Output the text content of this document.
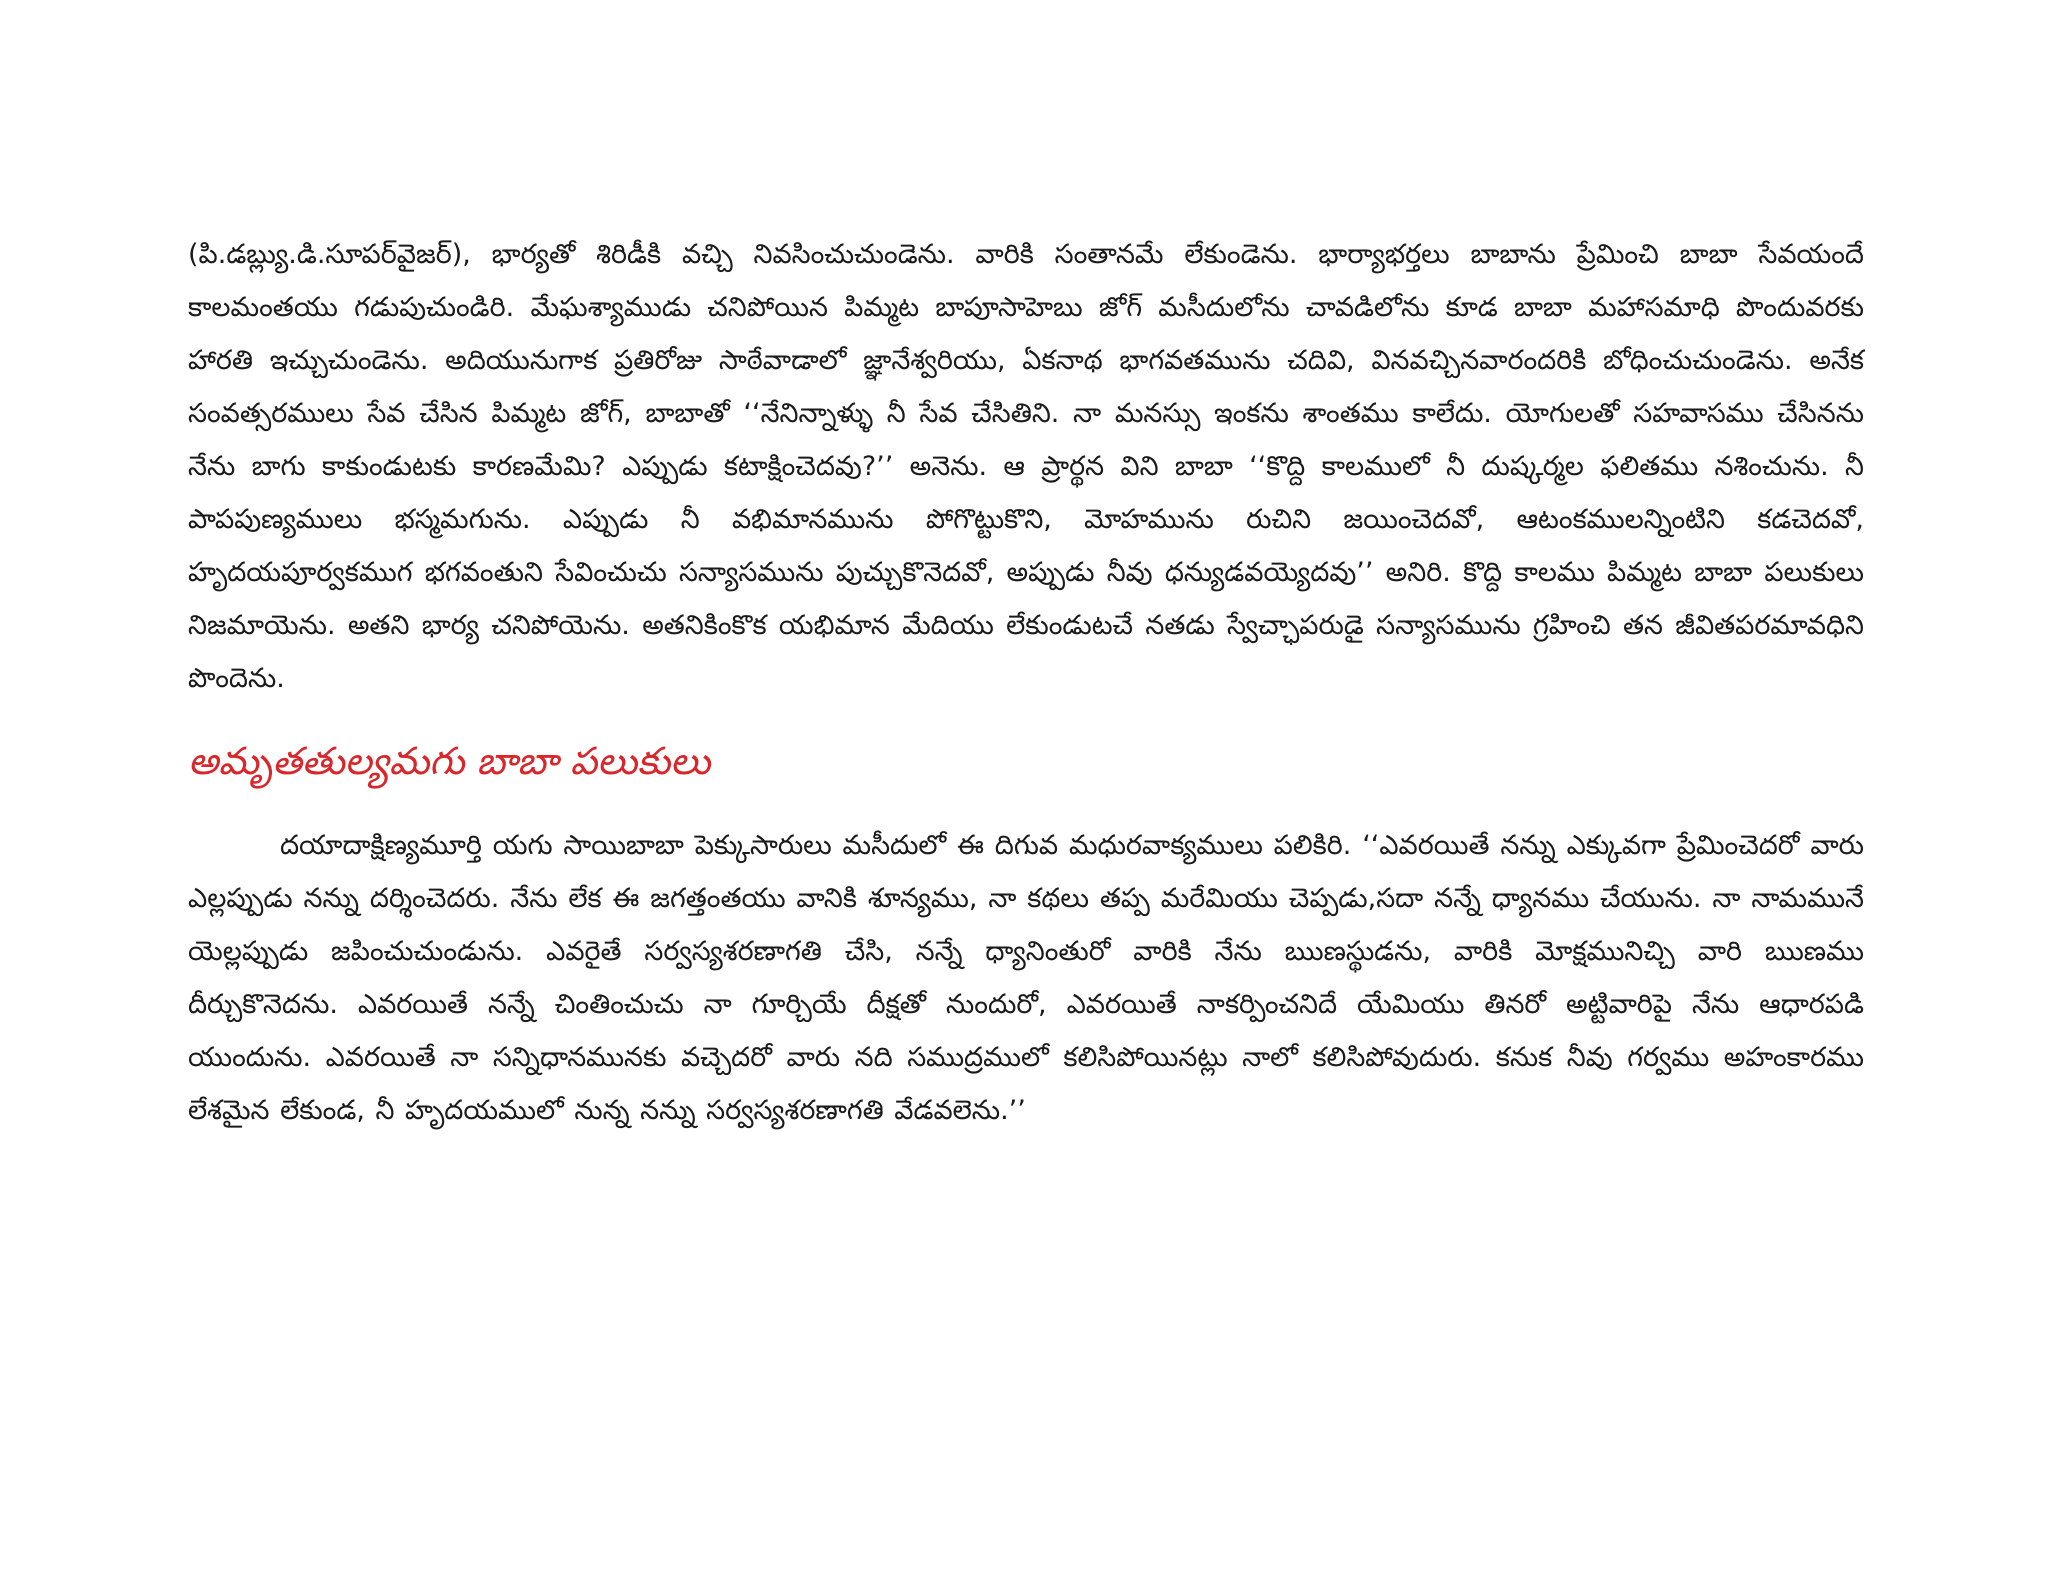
(పి.డబ్ల్యు.డి.సూపర్‌వైజర్), భార్యతో శిరిడీకి వచ్చి నివసించుచుండెను. వారికి సంతానమే లేకుండెను. భార్యాభర్తలు బాబాను ప్రేమించి బాబా సేవయందే కాలమంతయు గడుపుచుండిరి. మేఘశ్యాముడు చనిపోయిన పిమ్మట బాపూసాహెబు జోగ్ మసీదులోను చావడిలోను కూడ బాబా మహాసమాధి పొందువరకు హారతి ఇచ్చుచుండెను. అదియునుగాక ప్రతిరోజు సాఠేవాడాలో జ్ఞానేశ్వరియు, ఏకనాథ భాగవతమును చదివి, వినవచ్చినవారందరికి బోధించుచుండెను. అనేక సంవత్సరములు సేవ చేసిన పిమ్మట జోగ్, బాబాతో ‘‘నేనిన్నాళ్ళు నీ సేవ చేసితిని. నా మనస్సు ఇంకను శాంతము కాలేదు. యోగులతో సహవాసము చేసినను నేను బాగు కాకుండుటకు కారణమేమి? ఎప్పుడు కటాక్షించెదవు?’’ అనెను. ఆ ప్రార్థన విని బాబా ‘‘కొద్ది కాలములో నీ దుష్కర్మల ఫలితము నశించును. నీ పాపపుణ్యములు భస్మమగును. ఎప్పుడు నీ వభిమానమును పోగొట్టుకొని, మోహమును రుచిని జయించెదవో, ఆటంకములన్నింటిని కడచెదవో, హృదయపూర్వకముగ భగవంతుని సేవించుచు సన్యాసమును పుచ్చుకొనెదవో, అప్పుడు నీవు ధన్యుడవయ్యెదవు’’ అనిరి. కొద్ది కాలము పిమ్మట బాబా పలుకులు నిజమాయెను. అతని భార్య చనిపోయెను. అతనికింకొక యభిమాన మేదియు లేకుండుటచే నతడు స్వేచ్ఛాపరుడై సన్యాసమును గ్రహించి తన జీవితపరమావధిని పొందెను.

అమృతతుల్యమగు బాబా పలుకులు

దయాదాక్షిణ్యమూర్తి యగు సాయిబాబా పెక్కుసారులు మసీదులో ఈ దిగువ మధురవాక్యములు పలికిరి. ‘‘ఎవరయితే నన్ను ఎక్కువగా ప్రేమించెదరో వారు ఎల్లప్పుడు నన్ను దర్శించెదరు. నేను లేక ఈ జగత్తంతయు వానికి శూన్యము, నా కథలు తప్ప మరేమియు చెప్పడు,సదా నన్నే ధ్యానము చేయును. నా నామమునే యెల్లప్పుడు జపించుచుండును. ఎవరైతే సర్వస్యశరణాగతి చేసి, నన్నే ధ్యానింతురో వారికి నేను ఋణస్థుడను, వారికి మోక్షమునిచ్చి వారి ఋణము దీర్చుకొనెదను. ఎవరయితే నన్నే చింతించుచు నా గూర్చియే దీక్షతో నుందురో, ఎవరయితే నాకర్పించనిదే యేమియు తినరో అట్టివారిపై నేను ఆధారపడి యుందును. ఎవరయితే నా సన్నిధానమునకు వచ్చెదరో వారు నది సముద్రములో కలిసిపోయినట్లు నాలో కలిసిపోవుదురు. కనుక నీవు గర్వము అహంకారము లేశమైన లేకుండ, నీ హృదయములో నున్న నన్ను సర్వస్యశరణాగతి వేడవలెను.’’
